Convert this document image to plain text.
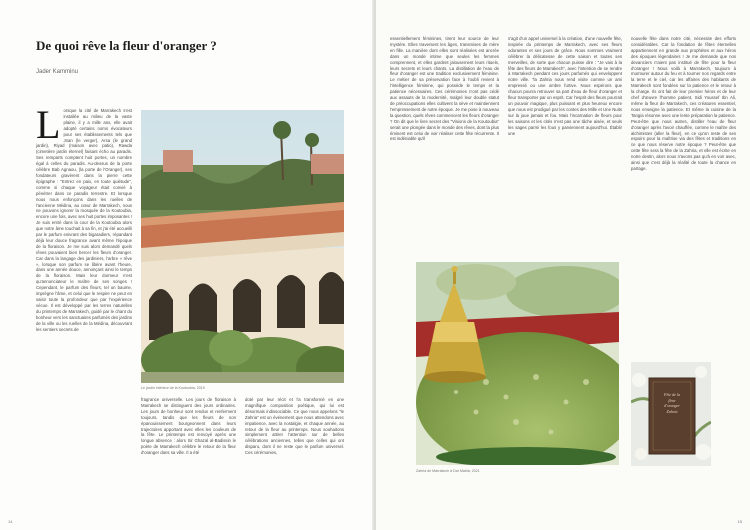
De quoi rêve la fleur d'oranger ?
Jader Kamminu
L orsque la cité de Marrakech s'est installée au milieu de la vaste plaine, il y a mille ans, elle avait adopté certains noms évocateurs pour ses établissements tels que Jnan (le verger), Arsa (le grand jardin), Riyad (maison avec patio), Rawda (cimetière jardin éternel) faisant écho au paradis. Ses remparts comptent huit portes, un nombre égal à celles du paradis. Au-dessus de la porte célèbre Bab Agnaou, (la porte de l'Oranger), ses fondateurs gravèrent dans la pierre cette épigraphe : "Entrez en paix, en toute quiétude", comme si chaque voyageur était convié à pénétrer dans ce paradis terrestre. Et lorsque nous nous enfonçons dans les ruelles de l'ancienne Médina, au cœur de Marrakech, nous ne pouvons ignorer la mosquée de la Koutoubia, encore une fois, avec ses huit portes imposantes ! Je suis entré dans la cour de la Koutoubia alors que notre âme touchait à sa fin, et j'ai été accueilli par le parfum enivrant des bigaradiers, répandant déjà leur douce fragrance avant même l'époque de la floraison. Je me suis alors demandé quels rêves pouvaient bien bercer les fleurs d'oranger. Car dans la langage des jardiniers, l'arbre « rêve », lorsque son parfum se libère avant l'heure, dans une année douce, annonçant ainsi le temps de la floraison. Mais leur dormeur n'est qu'annonciateur le maître de ses songes ! Cependant, le parfum des fleurs, tel un baume, imprègne l'âme, et celui que le respire ne peut en saisir toute la profondeur que par l'expérience vécue. Il est développé par les terres naturelles du printemps de Marrakech, guidé par le chant du bonheur vers les sanctuaires parfumés des jardins de la ville ou les ruelles de la Médina, découvrant les sentiers secrets de

Le jardin intérieur de la Koutoubia, 2019

fragrance universelle. Les jours de floraison à Marrakech se distinguent des jours ordinaires. Les jours de bonheur sont rendus et renferment toujours, tandis que les fleurs de son épanouissement bourgeonnent dans leurs trajectoires apportant avec elles les couleurs de la fête. Le printemps est renvoyé après une longue absence : alors Sir Ghazal al-Badissin le poète de Marrakech célèbre le retour de la fleur d'oranger dans sa ville. Il a été

doté par leur récit et l'a transformé en une magnifique composition poétique, qui lui est désormais indissociable. Ce que nous appelons "le Zahria" est un événement que nous attendons avec impatience, avec la nostalgie, et chaque année, au retour de la fleur au printemps. Nous souhaitons simplement attirer l'attention sur de belles célébrations anciennes, telles que celles qui ont disparu, dont il ne reste que le parfum universel. Ces cérémonies,

14

essentiellement féminines, tirent leur source de leur mystère. Elles traversent les âges, transmises de mère en fille. La manière dont elles sont réalisées est ancrée dans un monde intime que seules les femmes comprennent, et elles gardent jalousement leurs rituels, leurs secrets et leurs chants. La distillation de l'eau de fleur d'oranger est une tradition exclusivement féminine. Le métier de sa préservation face à l'oubli revient à l'intelligence féminine, qui possède le temps et la patience nécessaires. Ces cérémonies n'ont pas cédé aux assauts de la modernité, malgré leur double statut de préoccupations elles cultivent la sève et maintiennent l'empressement de notre époque. Je me pose à nouveau la question, quels rêves commencent les fleurs d'oranger ? On dit que le livre secret des "Visions de la Koutoubia" serait une plongée dans le monde des rêves, dont la plus éminent est celui de voir réaliser cette fête récurrente. Il est indéniable qu'il

s'agit d'un appel universel à la création, d'une nouvelle fête, inspirée du printemps de Marrakech, avec ses fleurs odorantes et ses jours de grâce. Nous sommes vraiment célébrer la délicatesse de cette saison et toutes ses merveilles, de sorte que chacun puisse dire : "Je vais à la fête des fleurs de Marrakech", avec l'intention de se rendre à Marrakech pendant ces jours parfumés qui enveloppent notre ville. "la Zahria nous rend visite comme un ami empressé ou une ombre furtive. Nous espérons que chacun pourra retrouver sa part d'eau de fleur d'oranger et fleur transporter par un esprit. Car l'esprit des fleurs pourrait un pouvoir magique, plus puissant et plus heureux encore que nous est prodigué par les contes des Mille et Une Nuits sur la joue jamais et fou. Mais l'incarnation de fleurs pour les saisons et les cités n'est pas une tâche aisée, et seuls les sages parmi les fous y parviennent aujourd'hui. Établir une

nouvelle fête dans notre cité, nécessite des efforts considérables. Car la fondation de fêtes éternelles appartiennent en grande aux prophètes et aux héros des époques légendaires ! Je me demande que nos devanciers n'aient pas institué de fête pour la fleur d'oranger ! Nous voilà à Marrakech, toujours à murmurer autour du feu et à tourner nos regards entre la terre et le ciel, car les affaires des habitants de Marrakech sont fondées sur la patience et le retour à la charge. Ils ont fait de leur premier héros et de leur chef d'œuvre l'homme patient, Sidi Youssef Ibn Ali, même la fleur de Marrakech, ces créatures essentiel, nous enseigne la patience. Et même la cuisine de la Tangia résonne avec une lente préparation la patience. Peut-être que nous autres, distiller l'eau de fleur d'oranger après l'avoir chauffée, comme le maître des alchimistes (aller la fleur), en ce qu'on reste de ses espoirs pour la maîtrise via des fêtes et traditions en ce que nous réserve notre époque ? Peut-être que cette fête sera la fête de la Zahria, et elle est écrite en notre destin, alors nous n'avons pas qu'à en voir avec, ainsi que c'est déjà la réalité de toute la chance en partage.

Zahria de Marrakech à Dar Mabla, 2021
Fête de la
fleur
d'oranger
Zahria
15
